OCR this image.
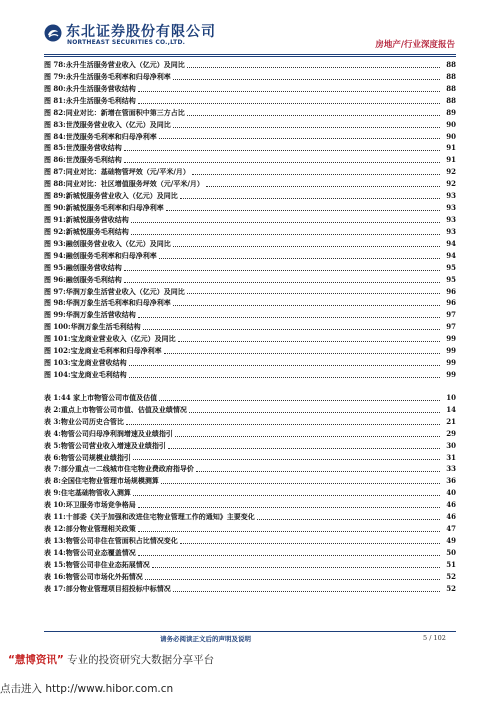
东北证券股份有限公司
NORTHEAST SECURITIES CO.,LTD.	房地产/行业深度报告
图 78: 永升生活服务营业收入（亿元）及同比	88
图 79: 永升生活服务毛利率和归母净利率	88
图 80: 永升生活服务营收结构	88
图 81: 永升生活服务毛利结构	88
图 82: 同业对比：新增在管面积中第三方占比	89
图 83: 世茂服务营业收入（亿元）及同比	90
图 84: 世茂服务毛利率和归母净利率	90
图 85: 世茂服务营收结构	91
图 86: 世茂服务毛利结构	91
图 87: 同业对比：基础物管坪效（元/平米/月）	92
图 88: 同业对比：社区增值服务坪效（元/平米/月）	92
图 89: 新城悦服务营业收入（亿元）及同比	93
图 90: 新城悦服务毛利率和归母净利率	93
图 91: 新城悦服务营收结构	93
图 92: 新城悦服务毛利结构	93
图 93: 融创服务营业收入（亿元）及同比	94
图 94: 融创服务毛利率和归母净利率	94
图 95: 融创服务营收结构	95
图 96: 融创服务毛利结构	95
图 97: 华润万象生活营业收入（亿元）及同比	96
图 98: 华润万象生活毛利率和归母净利率	96
图 99: 华润万象生活营收结构	97
图 100: 华润万象生活毛利结构	97
图 101: 宝龙商业营业收入（亿元）及同比	99
图 102: 宝龙商业毛利率和归母净利率	99
图 103: 宝龙商业营收结构	99
图 104: 宝龙商业毛利结构	99
表 1: 44 家上市物管公司市值及估值	10
表 2: 重点上市物管公司市值、估值及业绩情况	14
表 3: 物业公司历史合管比	21
表 4: 物管公司归母净利润增速及业绩指引	29
表 5: 物管公司营业收入增速及业绩指引	30
表 6: 物管公司规模业绩指引	31
表 7: 部分重点一二线城市住宅物业费政府指导价	33
表 8: 全国住宅物业管理市场规模测算	36
表 9: 住宅基础物管收入测算	40
表 10: 环卫服务市场竞争格局	46
表 11: 十部委《关于加强和改进住宅物业管理工作的通知》主要变化	46
表 12: 部分物业管理相关政策	47
表 13: 物管公司非住在管面积占比情况变化	49
表 14: 物管公司业态覆盖情况	50
表 15: 物管公司非住业态拓展情况	51
表 16: 物管公司市场化外拓情况	52
表 17: 部分物业管理项目招投标中标情况	52
请务必阅读正文后的声明及说明	5 / 102
“慧博资讯” 专业的投资研究大数据分享平台
点击进入 http://www.hibor.com.cn
